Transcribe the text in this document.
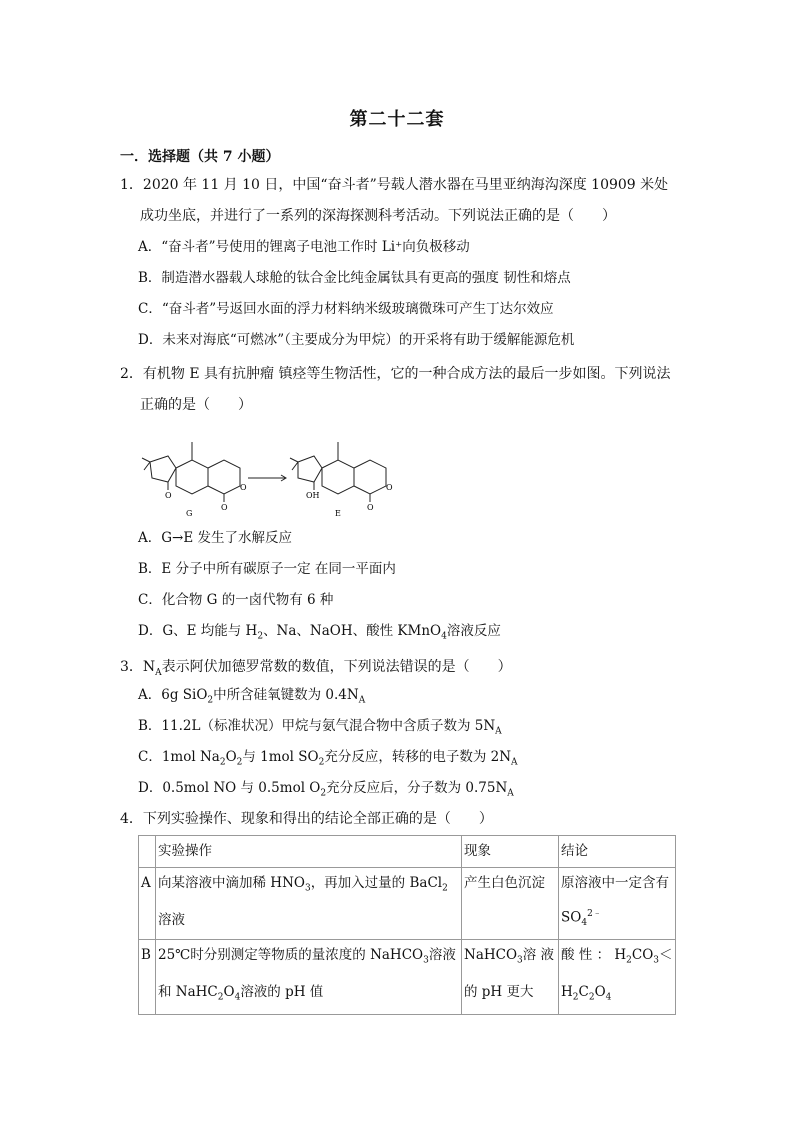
第二十二套
一．选择题（共 7 小题）

1．2020 年 11 月 10 日，中国“奋斗者”号载人潜水器在马里亚纳海沟深度 10909 米处成功坐底，并进行了一系列的深海探测科考活动。下列说法正确的是（　　）

A．“奋斗者”号使用的锂离子电池工作时 Li⁺向负极移动
B．制造潜水器载人球舱的钛合金比纯金属钛具有更高的强度 韧性和熔点
C．“奋斗者”号返回水面的浮力材料纳米级玻璃微珠可产生丁达尔效应
D．未来对海底“可燃冰”（主要成分为甲烷）的开采将有助于缓解能源危机

2．有机物 E 具有抗肿瘤 镇痉等生物活性，它的一种合成方法的最后一步如图。下列说法正确的是（　　）

O
O
O
G
OH
O
O
E
A．G→E 发生了水解反应
B．E 分子中所有碳原子一定 在同一平面内
C．化合物 G 的一卤代物有 6 种
D．G、E 均能与 $H_2$、Na、NaOH、酸性 KMnO$_4$溶液反应

3．$N_A$表示阿伏加德罗常数的数值，下列说法错误的是（　　）

A．6g SiO$_2$中所含硅氧键数为 $0.4N_A$
B．11.2L（标准状况）甲烷与氨气混合物中含质子数为 $5N_A$
C．1mol $Na_2O_2$与 1mol $SO_2$充分反应，转移的电子数为 $2N_A$
D．0.5mol NO 与 0.5mol $O_2$充分反应后，分子数为 $0.75N_A$

4．下列实验操作、现象和得出的结论全部正确的是（　　）

	实验操作	现象	结论
A	向某溶液中滴加稀 $HNO_3$，再加入过量的 BaCl$_2$溶液	产生白色沉淀	原溶液中一定含有 $SO_4^{2﹣}$
B	25℃时分别测定等物质的量浓度的 NaHCO$_3$溶液和 $NaHC_2O_4$溶液的 pH 值	NaHCO$_3$溶 液的 pH 更大	酸 性 ： $H_2CO_3< H_2C_2O_4$
